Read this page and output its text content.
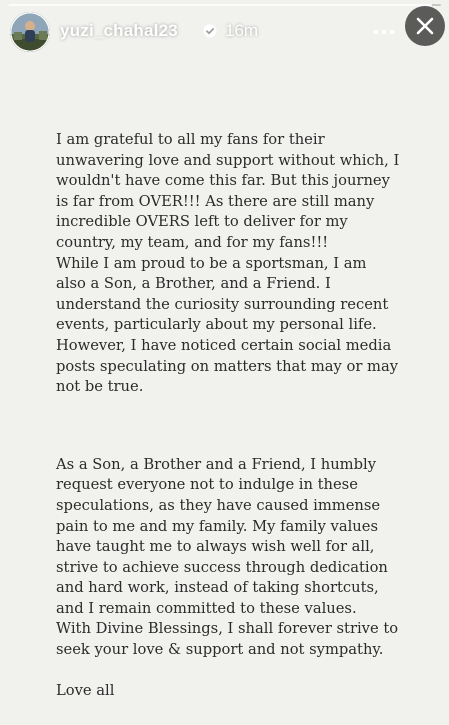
yuzi_chahal23	16m

I am grateful to all my fans for their
unwavering love and support without which, I
wouldn't have come this far. But this journey
is far from OVER!!! As there are still many
incredible OVERS left to deliver for my
country, my team, and for my fans!!!

While I am proud to be a sportsman, I am
also a Son, a Brother, and a Friend. I
understand the curiosity surrounding recent
events, particularly about my personal life.
However, I have noticed certain social media
posts speculating on matters that may or may
not be true.

As a Son, a Brother and a Friend, I humbly
request everyone not to indulge in these
speculations, as they have caused immense
pain to me and my family. My family values
have taught me to always wish well for all,
strive to achieve success through dedication
and hard work, instead of taking shortcuts,
and I remain committed to these values.
With Divine Blessings, I shall forever strive to
seek your love & support and not sympathy.

Love all
